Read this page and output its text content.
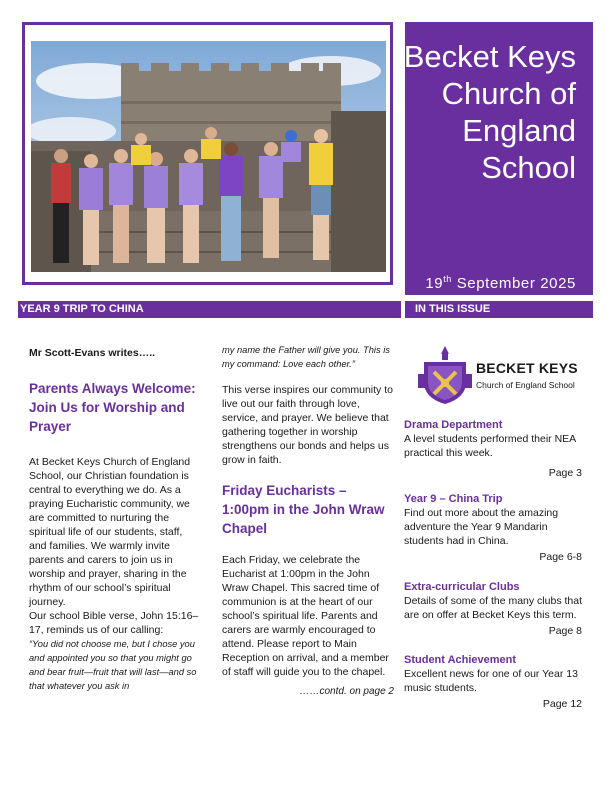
Becket Keys Church of England School
19th September 2025
YEAR 9 TRIP TO CHINA	IN THIS ISSUE

Mr Scott-Evans writes…..

Parents Always Welcome: Join Us for Worship and Prayer

At Becket Keys Church of England School, our Christian foundation is central to everything we do. As a praying Eucharistic community, we are committed to nurturing the spiritual life of our students, staff, and families. We warmly invite parents and carers to join us in worship and prayer, sharing in the rhythm of our school’s spiritual journey.

Our school Bible verse, John 15:16–17, reminds us of our calling:

“You did not choose me, but I chose you and appointed you so that you might go and bear fruit—fruit that will last—and so that whatever you ask in

my name the Father will give you. This is my command: Love each other.”

This verse inspires our community to live out our faith through love, service, and prayer. We believe that gathering together in worship strengthens our bonds and helps us grow in faith.

Friday Eucharists – 1:00pm in the John Wraw Chapel

Each Friday, we celebrate the Eucharist at 1:00pm in the John Wraw Chapel. This sacred time of communion is at the heart of our school’s spiritual life. Parents and carers are warmly encouraged to attend. Please report to Main Reception on arrival, and a member of staff will guide you to the chapel.

……contd. on page 2

BECKET KEYS
Church of England School
Drama Department
A level students performed their NEA practical this week.
Page 3
Year 9 – China Trip
Find out more about the amazing adventure the Year 9 Mandarin students had in China.
Page 6-8
Extra-curricular Clubs
Details of some of the many clubs that are on offer at Becket Keys this term.
Page 8
Student Achievement
Excellent news for one of our Year 13 music students.
Page 12
